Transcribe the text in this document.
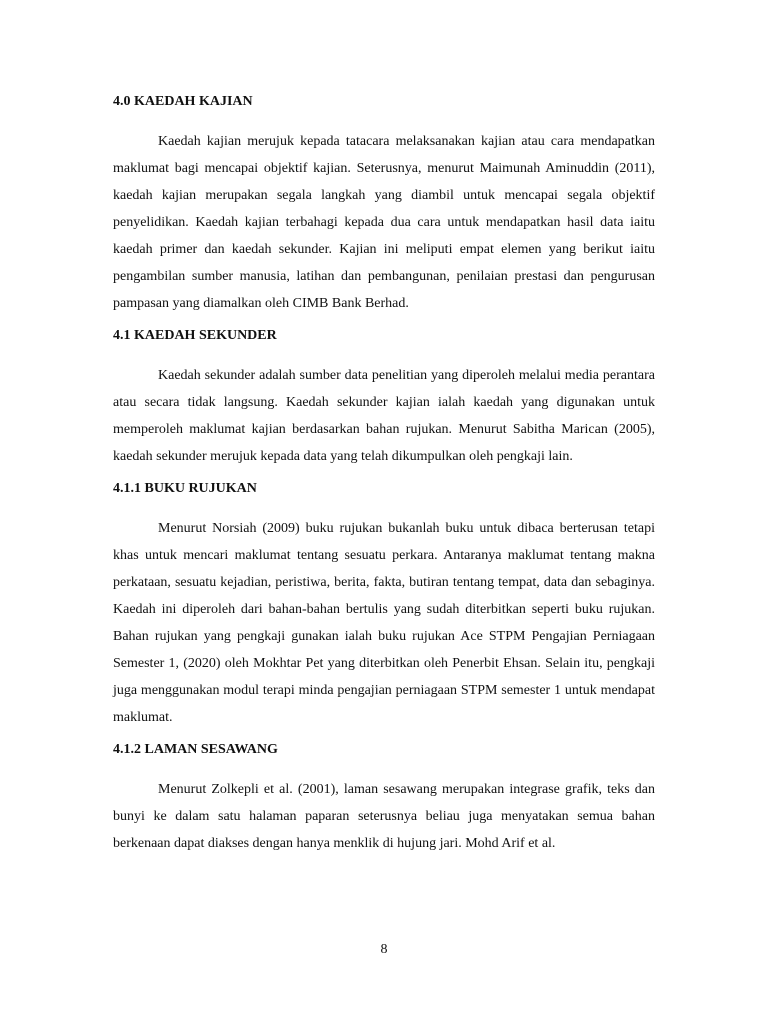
4.0 KAEDAH KAJIAN

Kaedah kajian merujuk kepada tatacara melaksanakan kajian atau cara mendapatkan maklumat bagi mencapai objektif kajian. Seterusnya, menurut Maimunah Aminuddin (2011), kaedah kajian merupakan segala langkah yang diambil untuk mencapai segala objektif penyelidikan. Kaedah kajian terbahagi kepada dua cara untuk mendapatkan hasil data iaitu kaedah primer dan kaedah sekunder. Kajian ini meliputi empat elemen yang berikut iaitu pengambilan sumber manusia, latihan dan pembangunan, penilaian prestasi dan pengurusan pampasan yang diamalkan oleh CIMB Bank Berhad.

4.1 KAEDAH SEKUNDER

Kaedah sekunder adalah sumber data penelitian yang diperoleh melalui media perantara atau secara tidak langsung. Kaedah sekunder kajian ialah kaedah yang digunakan untuk memperoleh maklumat kajian berdasarkan bahan rujukan. Menurut Sabitha Marican (2005), kaedah sekunder merujuk kepada data yang telah dikumpulkan oleh pengkaji lain.

4.1.1 BUKU RUJUKAN

Menurut Norsiah (2009) buku rujukan bukanlah buku untuk dibaca berterusan tetapi khas untuk mencari maklumat tentang sesuatu perkara. Antaranya maklumat tentang makna perkataan, sesuatu kejadian, peristiwa, berita, fakta, butiran tentang tempat, data dan sebaginya. Kaedah ini diperoleh dari bahan-bahan bertulis yang sudah diterbitkan seperti buku rujukan. Bahan rujukan yang pengkaji gunakan ialah buku rujukan Ace STPM Pengajian Perniagaan Semester 1, (2020) oleh Mokhtar Pet yang diterbitkan oleh Penerbit Ehsan. Selain itu, pengkaji juga menggunakan modul terapi minda pengajian perniagaan STPM semester 1 untuk mendapat maklumat.

4.1.2 LAMAN SESAWANG

Menurut Zolkepli et al. (2001), laman sesawang merupakan integrase grafik, teks dan bunyi ke dalam satu halaman paparan seterusnya beliau juga menyatakan semua bahan berkenaan dapat diakses dengan hanya menklik di hujung jari. Mohd Arif et al.

8
